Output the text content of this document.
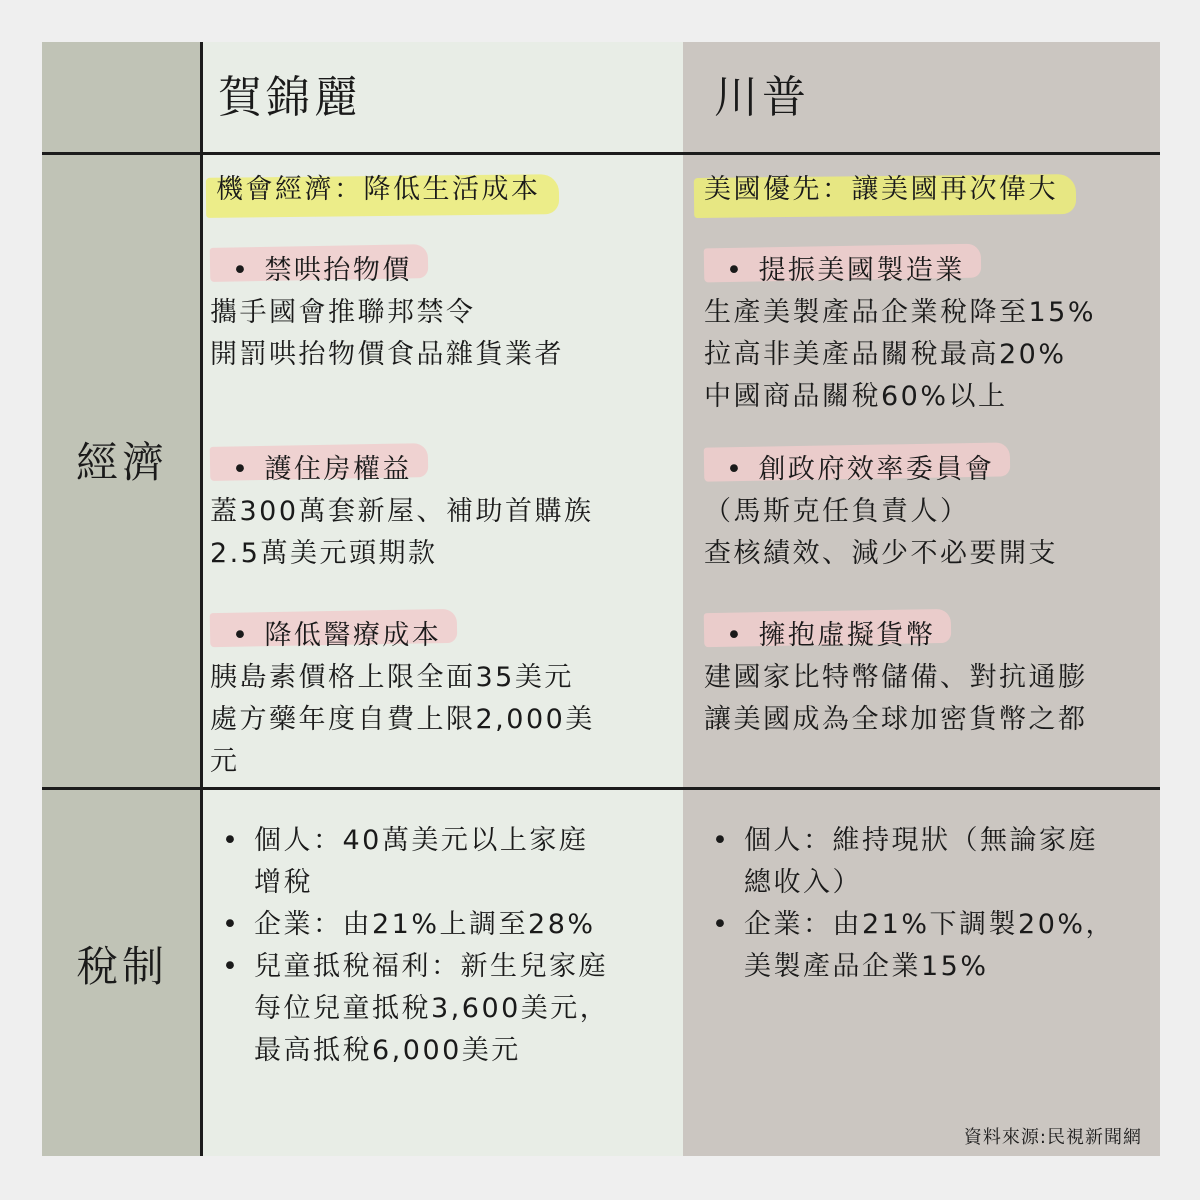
賀錦麗	川普
經濟
稅制
機會經濟：降低生活成本
• 禁哄抬物價
攜手國會推聯邦禁令
開罰哄抬物價食品雜貨業者
• 護住房權益
蓋300萬套新屋、補助首購族
2.5萬美元頭期款
• 降低醫療成本
胰島素價格上限全面35美元
處方藥年度自費上限2,000美
元
美國優先：讓美國再次偉大
• 提振美國製造業
生產美製產品企業稅降至15%
拉高非美產品關稅最高20%
中國商品關稅60%以上
• 創政府效率委員會
（馬斯克任負責人）
查核績效、減少不必要開支
• 擁抱虛擬貨幣
建國家比特幣儲備、對抗通膨
讓美國成為全球加密貨幣之都
• 個人：40萬美元以上家庭
增稅
• 企業：由21%上調至28%
• 兒童抵稅福利：新生兒家庭
每位兒童抵稅3,600美元，
最高抵稅6,000美元
• 個人：維持現狀（無論家庭
總收入）
• 企業：由21%下調製20%，
美製產品企業15%
資料來源:民視新聞網
